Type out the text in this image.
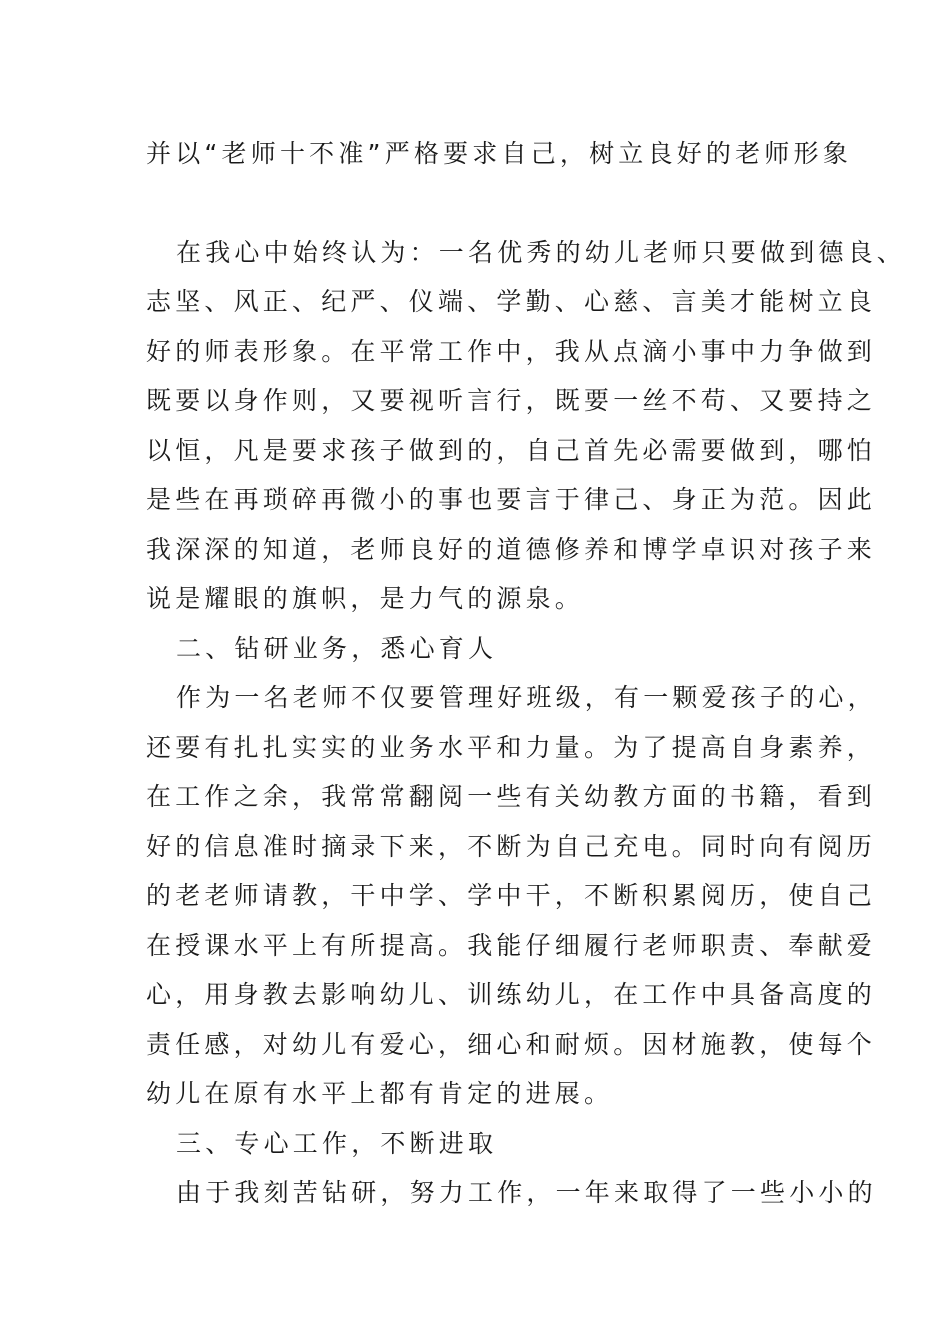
并以“老师十不准”严格要求自己，树立良好的老师形象
在我心中始终认为：一名优秀的幼儿老师只要做到德良、
志坚、风正、纪严、仪端、学勤、心慈、言美才能树立良
好的师表形象。在平常工作中，我从点滴小事中力争做到
既要以身作则，又要视听言行，既要一丝不苟、又要持之
以恒，凡是要求孩子做到的，自己首先必需要做到，哪怕
是些在再琐碎再微小的事也要言于律己、身正为范。因此
我深深的知道，老师良好的道德修养和博学卓识对孩子来
说是耀眼的旗帜，是力气的源泉。
二、钻研业务，悉心育人
作为一名老师不仅要管理好班级，有一颗爱孩子的心，
还要有扎扎实实的业务水平和力量。为了提高自身素养，
在工作之余，我常常翻阅一些有关幼教方面的书籍，看到
好的信息准时摘录下来，不断为自己充电。同时向有阅历
的老老师请教，干中学、学中干，不断积累阅历，使自己
在授课水平上有所提高。我能仔细履行老师职责、奉献爱
心，用身教去影响幼儿、训练幼儿，在工作中具备高度的
责任感，对幼儿有爱心，细心和耐烦。因材施教，使每个
幼儿在原有水平上都有肯定的进展。
三、专心工作，不断进取
由于我刻苦钻研，努力工作，一年来取得了一些小小的
